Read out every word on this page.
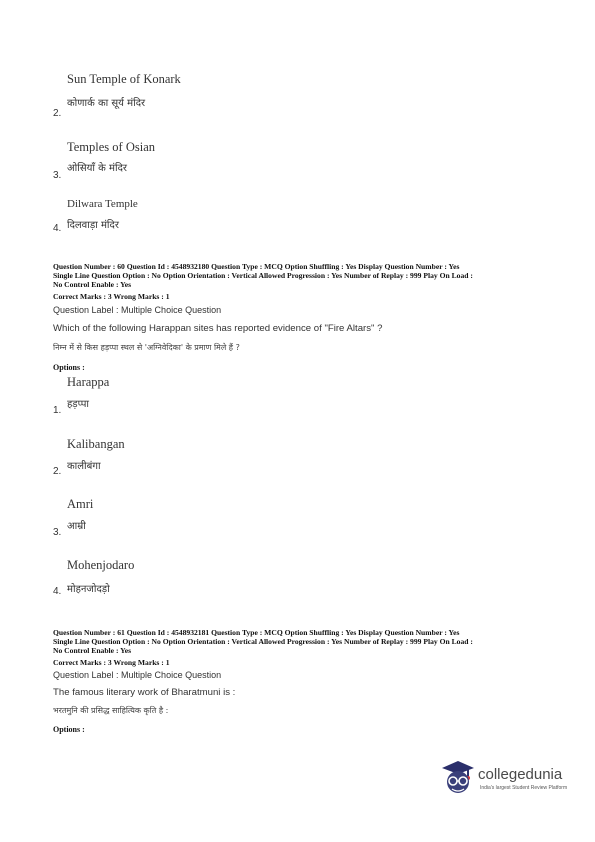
Sun Temple of Konark
कोणार्क का सूर्य मंदिर
2.
Temples of Osian
ओसियाँ के मंदिर
3.
Dilwara Temple
दिलवाड़ा मंदिर
4.
Question Number : 60 Question Id : 4548932180 Question Type : MCQ Option Shuffling : Yes Display Question Number : Yes
Single Line Question Option : No Option Orientation : Vertical Allowed Progression : Yes Number of Replay : 999 Play On Load :
No Control Enable : Yes
Correct Marks : 3 Wrong Marks : 1
Question Label : Multiple Choice Question
Which of the following Harappan sites has reported evidence of "Fire Altars" ?
निम्न में से किस हड़प्पा स्थल से 'अग्निवेदिका' के प्रमाण मिले हैं ?
Options :
Harappa
हड़प्पा
1.
Kalibangan
कालीबंगा
2.
Amri
आम्री
3.
Mohenjodaro
मोहनजोदड़ो
4.
Question Number : 61 Question Id : 4548932181 Question Type : MCQ Option Shuffling : Yes Display Question Number : Yes
Single Line Question Option : No Option Orientation : Vertical Allowed Progression : Yes Number of Replay : 999 Play On Load :
No Control Enable : Yes
Correct Marks : 3 Wrong Marks : 1
Question Label : Multiple Choice Question
The famous literary work of Bharatmuni is :
भरतमुनि की प्रसिद्ध साहित्यिक कृति है :
Options :
collegedunia
India's largest Student Review Platform
